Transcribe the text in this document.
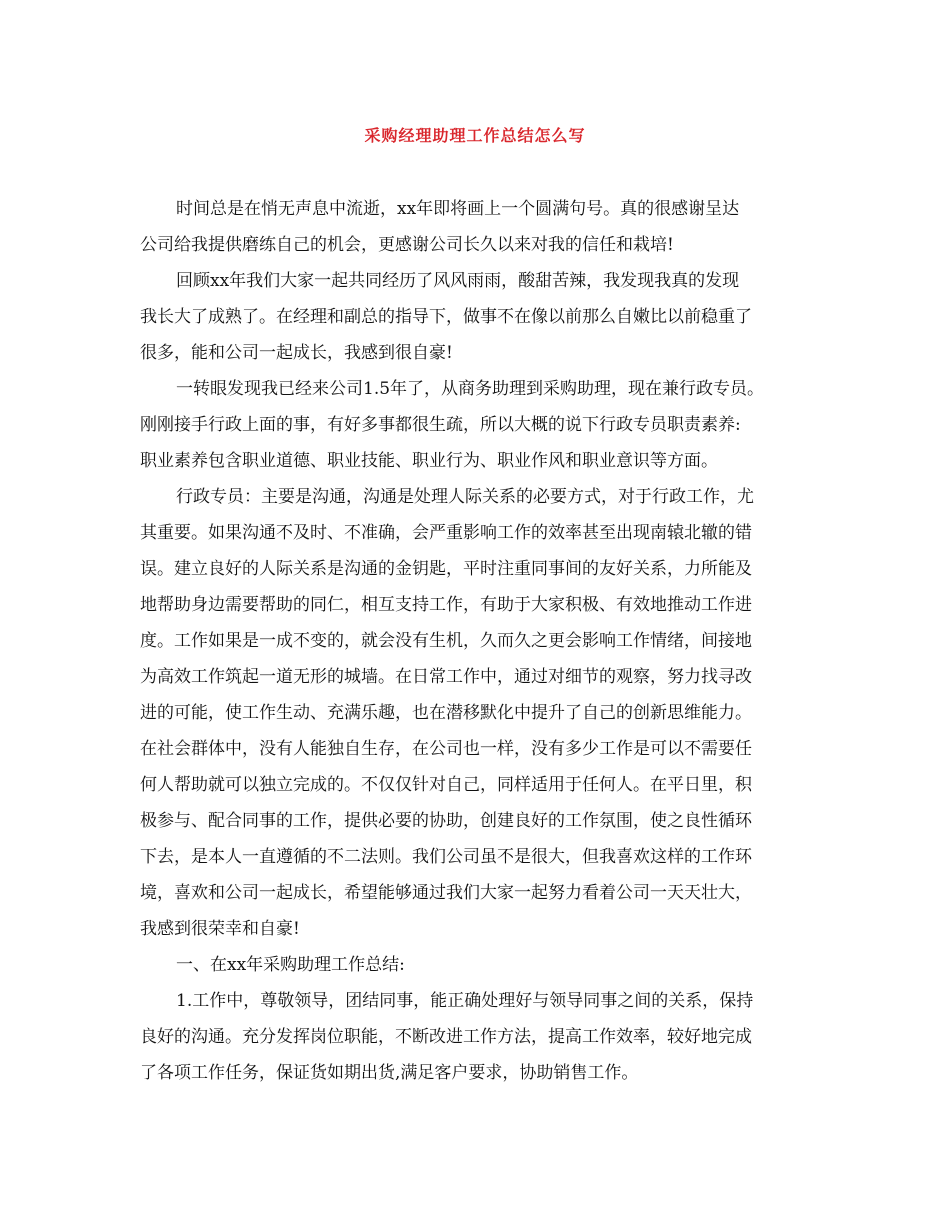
采购经理助理工作总结怎么写
时间总是在悄无声息中流逝，xx年即将画上一个圆满句号。真的很感谢呈达
公司给我提供磨练自己的机会，更感谢公司长久以来对我的信任和栽培!
回顾xx年我们大家一起共同经历了风风雨雨，酸甜苦辣，我发现我真的发现
我长大了成熟了。在经理和副总的指导下，做事不在像以前那么自嫩比以前稳重了
很多，能和公司一起成长，我感到很自豪!
一转眼发现我已经来公司1.5年了，从商务助理到采购助理，现在兼行政专员。
刚刚接手行政上面的事，有好多事都很生疏，所以大概的说下行政专员职责素养:
职业素养包含职业道德、职业技能、职业行为、职业作风和职业意识等方面。
行政专员：主要是沟通，沟通是处理人际关系的必要方式，对于行政工作，尤
其重要。如果沟通不及时、不准确，会严重影响工作的效率甚至出现南辕北辙的错
误。建立良好的人际关系是沟通的金钥匙，平时注重同事间的友好关系，力所能及
地帮助身边需要帮助的同仁，相互支持工作，有助于大家积极、有效地推动工作进
度。工作如果是一成不变的，就会没有生机，久而久之更会影响工作情绪，间接地
为高效工作筑起一道无形的城墙。在日常工作中，通过对细节的观察，努力找寻改
进的可能，使工作生动、充满乐趣，也在潜移默化中提升了自己的创新思维能力。
在社会群体中，没有人能独自生存，在公司也一样，没有多少工作是可以不需要任
何人帮助就可以独立完成的。不仅仅针对自己，同样适用于任何人。在平日里，积
极参与、配合同事的工作，提供必要的协助，创建良好的工作氛围，使之良性循环
下去，是本人一直遵循的不二法则。我们公司虽不是很大，但我喜欢这样的工作环
境，喜欢和公司一起成长，希望能够通过我们大家一起努力看着公司一天天壮大，
我感到很荣幸和自豪!
一、在xx年采购助理工作总结:
1.工作中，尊敬领导，团结同事，能正确处理好与领导同事之间的关系，保持
良好的沟通。充分发挥岗位职能，不断改进工作方法，提高工作效率，较好地完成
了各项工作任务，保证货如期出货,满足客户要求，协助销售工作。
